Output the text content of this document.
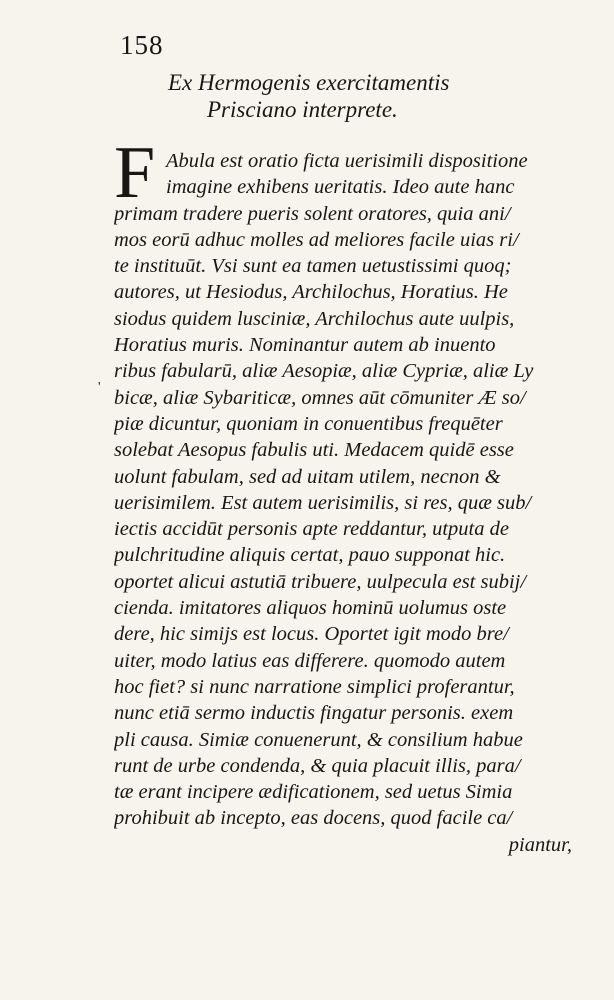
158
Ex Hermogenis exercitamentis
Prisciano interprete.
F
'
Abula est oratio ficta uerisimili dispositione
imagine exhibens ueritatis. Ideo aute hanc
primam tradere pueris solent oratores, quia ani/
mos eorū adhuc molles ad meliores facile uias ri/
te instituūt. Vsi sunt ea tamen uetustissimi quoq;
autores, ut Hesiodus, Archilochus, Horatius. He
siodus quidem lusciniæ, Archilochus aute uulpis,
Horatius muris. Nominantur autem ab inuento
ribus fabularū, aliæ Aesopiæ, aliæ Cypriæ, aliæ Ly
bicæ, aliæ Sybariticæ, omnes aūt cōmuniter Æ so/
piæ dicuntur, quoniam in conuentibus frequēter
solebat Aesopus fabulis uti. Medacem quidē esse
uolunt fabulam, sed ad uitam utilem, necnon &
uerisimilem. Est autem uerisimilis, si res, quæ sub/
iectis accidūt personis apte reddantur, utputa de
pulchritudine aliquis certat, pauo supponat hic.
oportet alicui astutiā tribuere, uulpecula est subij/
cienda. imitatores aliquos hominū uolumus oste
dere, hic simijs est locus. Oportet igit modo bre/
uiter, modo latius eas differere. quomodo autem
hoc fiet? si nunc narratione simplici proferantur,
nunc etiā sermo inductis fingatur personis. exem
pli causa. Simiæ conuenerunt, & consilium habue
runt de urbe condenda, & quia placuit illis, para/
tæ erant incipere ædificationem, sed uetus Simia
prohibuit ab incepto, eas docens, quod facile ca/
piantur,
